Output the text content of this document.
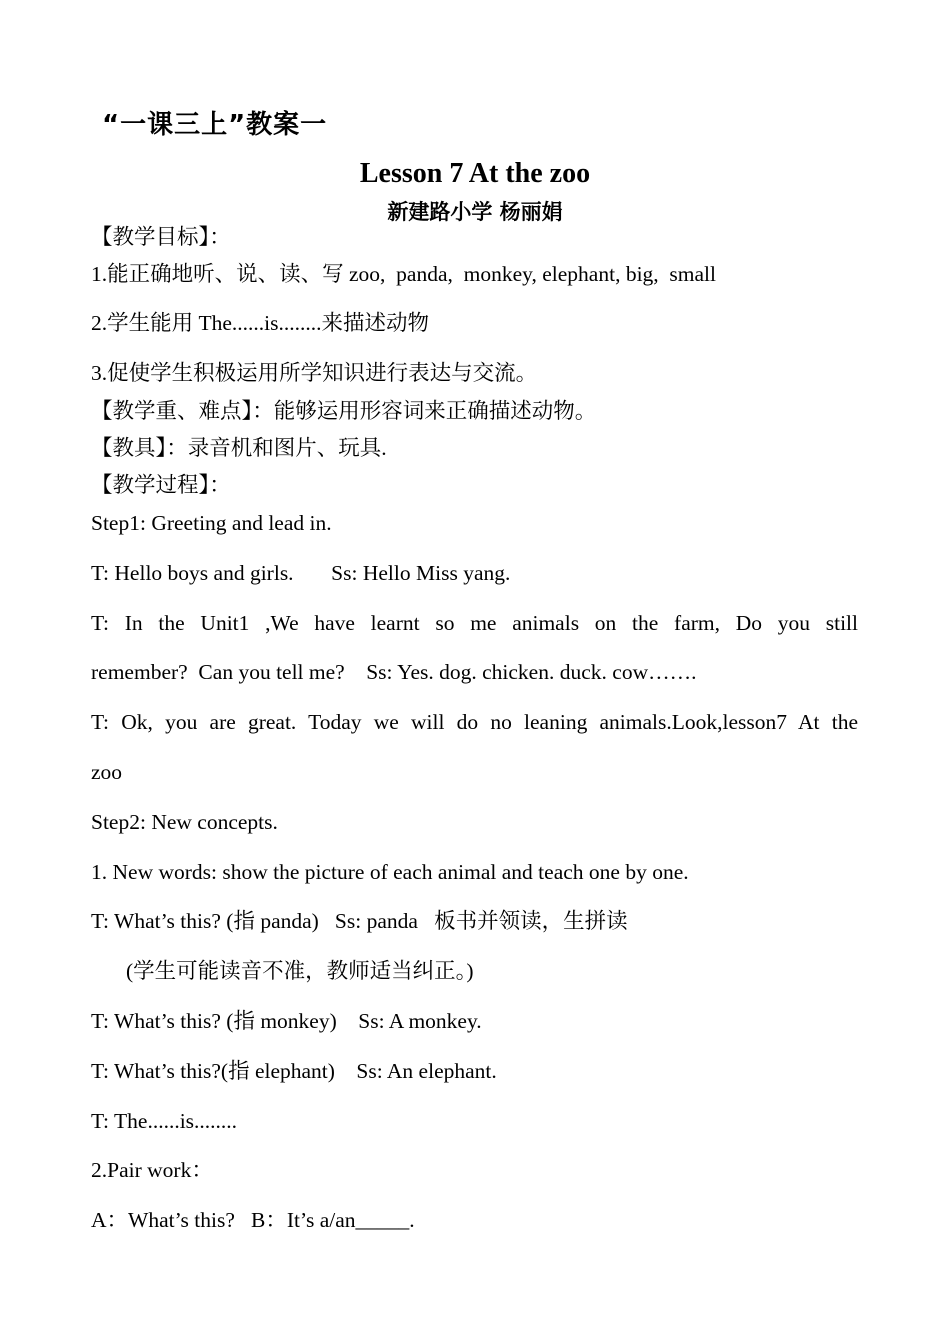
“一课三上”教案一
Lesson 7 At the zoo
新建路小学 杨丽娟
【教学目标】：
1.能正确地听、说、读、写 zoo,  panda,  monkey, elephant, big,  small
2.学生能用 The......is........来描述动物
3.促使学生积极运用所学知识进行表达与交流。
【教学重、难点】：能够运用形容词来正确描述动物。
【教具】：录音机和图片、玩具.
【教学过程】：
Step1: Greeting and lead in.
T: Hello boys and girls.       Ss: Hello Miss yang.
T: In the Unit1 ,We have learnt so me animals on the farm, Do you still
remember?  Can you tell me?    Ss: Yes. dog. chicken. duck. cow…….
T: Ok, you are great. Today we will do no leaning animals.Look,lesson7 At the
zoo
Step2: New concepts.
1. New words: show the picture of each animal and teach one by one.
T: What’s this? (指 panda)   Ss: panda   板书并领读，生拼读
(学生可能读音不准，教师适当纠正。)
T: What’s this? (指 monkey)    Ss: A monkey.
T: What’s this?(指 elephant)    Ss: An elephant.
T: The......is........
2.Pair work：
A：What’s this?   B：It’s a/an_____.
